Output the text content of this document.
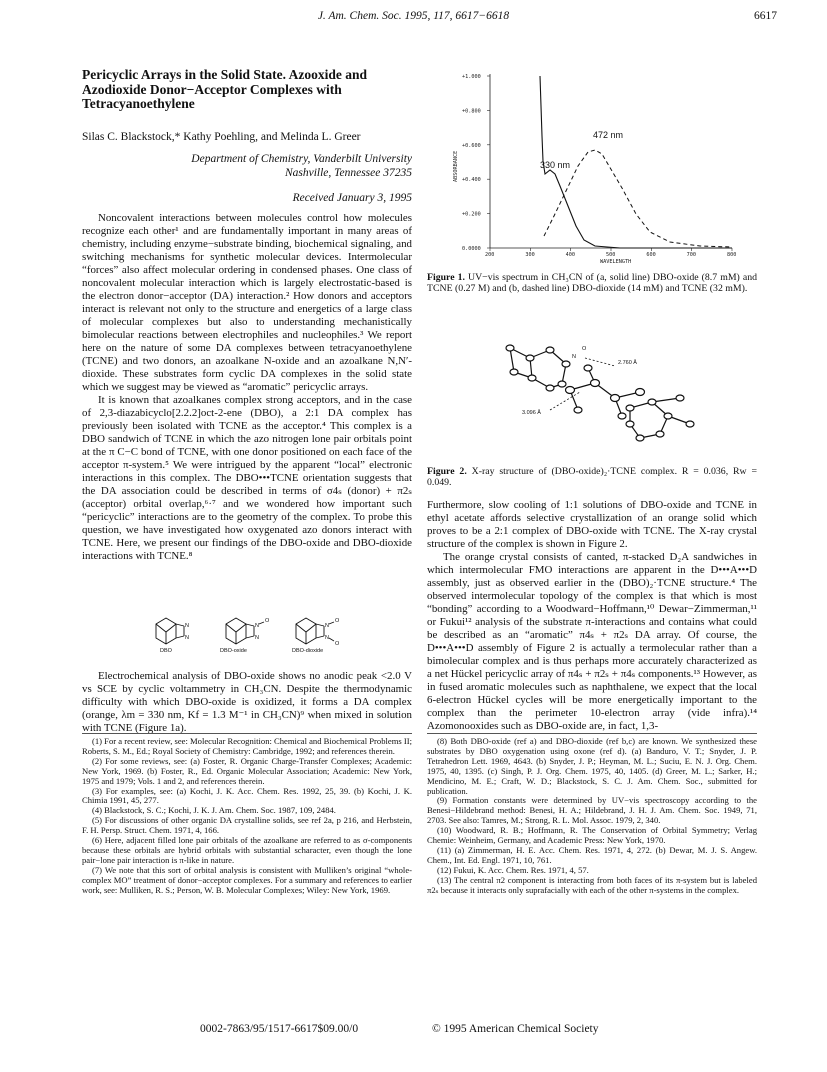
J. Am. Chem. Soc. 1995, 117, 6617−6618	6617
Pericyclic Arrays in the Solid State. Azooxide and Azodioxide Donor−Acceptor Complexes with Tetracyanoethylene
Silas C. Blackstock,* Kathy Poehling, and Melinda L. Greer
Department of Chemistry, Vanderbilt University
Nashville, Tennessee 37235
Received January 3, 1995

Noncovalent interactions between molecules control how molecules recognize each other¹ and are fundamentally important in many areas of chemistry, including enzyme−substrate binding, biochemical signaling, and switching mechanisms for synthetic molecular devices. Intermolecular “forces” also affect molecular ordering in condensed phases. One class of noncovalent molecular interaction which is largely electrostatic-based is the electron donor−acceptor (DA) interaction.² How donors and acceptors interact is relevant not only to the structure and energetics of a large class of molecular complexes but also to understanding mechanistically bimolecular reactions between electrophiles and nucleophiles.³ We report here on the nature of some DA complexes between tetracyanoethylene (TCNE) and two donors, an azoalkane N-oxide and an azoalkane N,N′-dioxide. These substrates form cyclic DA complexes in the solid state which we suggest may be viewed as “aromatic” pericyclic arrays.

It is known that azoalkanes complex strong acceptors, and in the case of 2,3-diazabicyclo[2.2.2]oct-2-ene (DBO), a 2:1 DA complex has previously been isolated with TCNE as the acceptor.⁴ This complex is a DBO sandwich of TCNE in which the azo nitrogen lone pair orbitals point at the π C−C bond of TCNE, with one donor positioned on each face of the acceptor π-system.⁵ We were intrigued by the apparent “local” electronic interactions in this complex. The DBO•••TCNE orientation suggests that the DA association could be described in terms of σ4ₛ (donor) + π2ₛ (acceptor) orbital overlap,⁶·⁷ and we wondered how important such “pericyclic” interactions are to the geometry of the complex. To probe this question, we have investigated how oxygenated azo donors interact with TCNE. Here, we present our findings of the DBO-oxide and DBO-dioxide interactions with TCNE.⁸

N
N
N
O
N
N
O
N
O
DBO	DBO-oxide	DBO-dioxide

Electrochemical analysis of DBO-oxide shows no anodic peak <2.0 V vs SCE by cyclic voltammetry in CH₃CN. Despite the thermodynamic difficulty with which DBO-oxide is oxidized, it forms a DA complex (orange, λm = 330 nm, Kf = 1.3 M⁻¹ in CH₃CN)⁹ when mixed in solution with TCNE (Figure 1a).

(1) For a recent review, see: Molecular Recognition: Chemical and Biochemical Problems II; Roberts, S. M., Ed.; Royal Society of Chemistry: Cambridge, 1992; and references therein.

(2) For some reviews, see: (a) Foster, R. Organic Charge-Transfer Complexes; Academic: New York, 1969. (b) Foster, R., Ed. Organic Molecular Association; Academic: New York, 1975 and 1979; Vols. 1 and 2, and references therein.

(3) For examples, see: (a) Kochi, J. K. Acc. Chem. Res. 1992, 25, 39. (b) Kochi, J. K. Chimia 1991, 45, 277.

(4) Blackstock, S. C.; Kochi, J. K. J. Am. Chem. Soc. 1987, 109, 2484.

(5) For discussions of other organic DA crystalline solids, see ref 2a, p 216, and Herbstein, F. H. Persp. Struct. Chem. 1971, 4, 166.

(6) Here, adjacent filled lone pair orbitals of the azoalkane are referred to as σ-components because these orbitals are hybrid orbitals with substantial scharacter, even though the lone pair−lone pair interaction is π-like in nature.

(7) We note that this sort of orbital analysis is consistent with Mulliken’s original “whole-complex MO” treatment of donor−acceptor complexes. For a summary and references to earlier work, see: Mulliken, R. S.; Person, W. B. Molecular Complexes; Wiley: New York, 1969.

+1.000
+0.800
+0.600
+0.400
+0.200
0.0000
200	300	400	500	600	700	800
ABSORBANCE
WAVELENGTH
330 nm
472 nm
Figure 1. UV−vis spectrum in CH₃CN of (a, solid line) DBO-oxide (8.7 mM) and TCNE (0.27 M) and (b, dashed line) DBO-dioxide (14 mM) and TCNE (32 mM).
N
O
2.760 Å
3.096 Å
Figure 2. X-ray structure of (DBO-oxide)₂·TCNE complex. R = 0.036, Rw = 0.049.

Furthermore, slow cooling of 1:1 solutions of DBO-oxide and TCNE in ethyl acetate affords selective crystallization of an orange solid which proves to be a 2:1 complex of DBO-oxide with TCNE. The X-ray crystal structure of the complex is shown in Figure 2.

The orange crystal consists of canted, π-stacked D₂A sandwiches in which intermolecular FMO interactions are apparent in the D•••A•••D assembly, just as observed earlier in the (DBO)₂·TCNE structure.⁴ The observed intermolecular topology of the complex is that which is most “bonding” according to a Woodward−Hoffmann,¹⁰ Dewar−Zimmerman,¹¹ or Fukui¹² analysis of the substrate π-interactions and contains what could be described as an “aromatic” π4ₛ + π2ₛ DA array. Of course, the D•••A•••D assembly of Figure 2 is actually a termolecular rather than a bimolecular complex and is thus perhaps more accurately characterized as a net Hückel pericyclic array of π4ₛ + π2ₛ + π4ₛ components.¹³ However, as in fused aromatic molecules such as naphthalene, we expect that the local 6-electron Hückel cycles will be more energetically important to the complex than the perimeter 10-electron array (vide infra).¹⁴ Azomonooxides such as DBO-oxide are, in fact, 1,3-

(8) Both DBO-oxide (ref a) and DBO-dioxide (ref b,c) are known. We synthesized these substrates by DBO oxygenation using oxone (ref d). (a) Banduro, V. T.; Snyder, J. P. Tetrahedron Lett. 1969, 4643. (b) Snyder, J. P.; Heyman, M. L.; Suciu, E. N. J. Org. Chem. 1975, 40, 1395. (c) Singh, P. J. Org. Chem. 1975, 40, 1405. (d) Greer, M. L.; Sarker, H.; Mendicino, M. E.; Craft, W. D.; Blackstock, S. C. J. Am. Chem. Soc., submitted for publication.

(9) Formation constants were determined by UV−vis spectroscopy according to the Benesi−Hildebrand method: Benesi, H. A.; Hildebrand, J. H. J. Am. Chem. Soc. 1949, 71, 2703. See also: Tamres, M.; Strong, R. L. Mol. Assoc. 1979, 2, 340.

(10) Woodward, R. B.; Hoffmann, R. The Conservation of Orbital Symmetry; Verlag Chemie: Weinheim, Germany, and Academic Press: New York, 1970.

(11) (a) Zimmerman, H. E. Acc. Chem. Res. 1971, 4, 272. (b) Dewar, M. J. S. Angew. Chem., Int. Ed. Engl. 1971, 10, 761.

(12) Fukui, K. Acc. Chem. Res. 1971, 4, 57.

(13) The central π2 component is interacting from both faces of its π-system but is labeled π2ₛ because it interacts only suprafacially with each of the other π-systems in the complex.

0002-7863/95/1517-6617$09.00/0	© 1995 American Chemical Society
